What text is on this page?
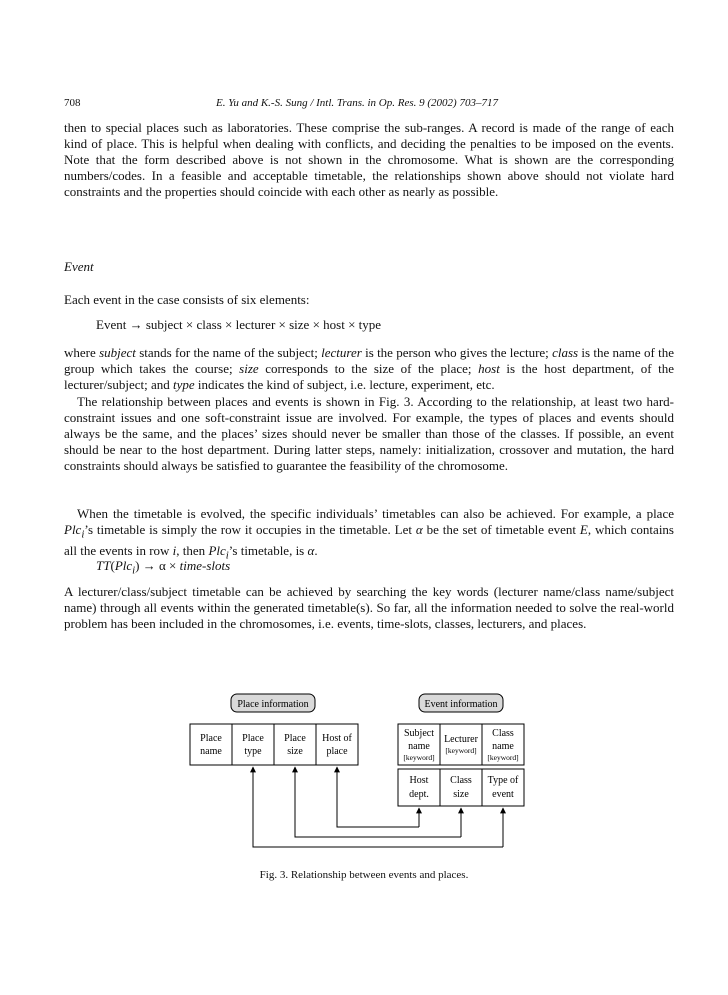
708	E. Yu and K.-S. Sung / Intl. Trans. in Op. Res. 9 (2002) 703–717

then to special places such as laboratories. These comprise the sub-ranges. A record is made of the range of each kind of place. This is helpful when dealing with conflicts, and deciding the penalties to be imposed on the events. Note that the form described above is not shown in the chromosome. What is shown are the corresponding numbers/codes. In a feasible and acceptable timetable, the relationships shown above should not violate hard constraints and the properties should coincide with each other as nearly as possible.

Event

Each event in the case consists of six elements:

Event → subject × class × lecturer × size × host × type

where subject stands for the name of the subject; lecturer is the person who gives the lecture; class is the name of the group which takes the course; size corresponds to the size of the place; host is the host department, of the lecturer/subject; and type indicates the kind of subject, i.e. lecture, experiment, etc.

The relationship between places and events is shown in Fig. 3. According to the relationship, at least two hard-constraint issues and one soft-constraint issue are involved. For example, the types of places and events should always be the same, and the places’ sizes should never be smaller than those of the classes. If possible, an event should be near to the host department. During latter steps, namely: initialization, crossover and mutation, the hard constraints should always be satisfied to guarantee the feasibility of the chromosome.

When the timetable is evolved, the specific individuals’ timetables can also be achieved. For example, a place Plc$_i$’s timetable is simply the row it occupies in the timetable. Let α be the set of timetable event E, which contains all the events in row i, then Plc$_i$’s timetable, is α.

TT(Plc$_i$) → α × time-slots

A lecturer/class/subject timetable can be achieved by searching the key words (lecturer name/class name/subject name) through all events within the generated timetable(s). So far, all the information needed to solve the real-world problem has been included in the chromosomes, i.e. events, time-slots, classes, lecturers, and places.

Place information	Event information
Place
name
Place
type
Place
size
Host of
place
Subject
name
[keyword]
Lecturer
[keyword]
Class
name
[keyword]
Host
dept.
Class
size
Type of
event
Fig. 3. Relationship between events and places.
